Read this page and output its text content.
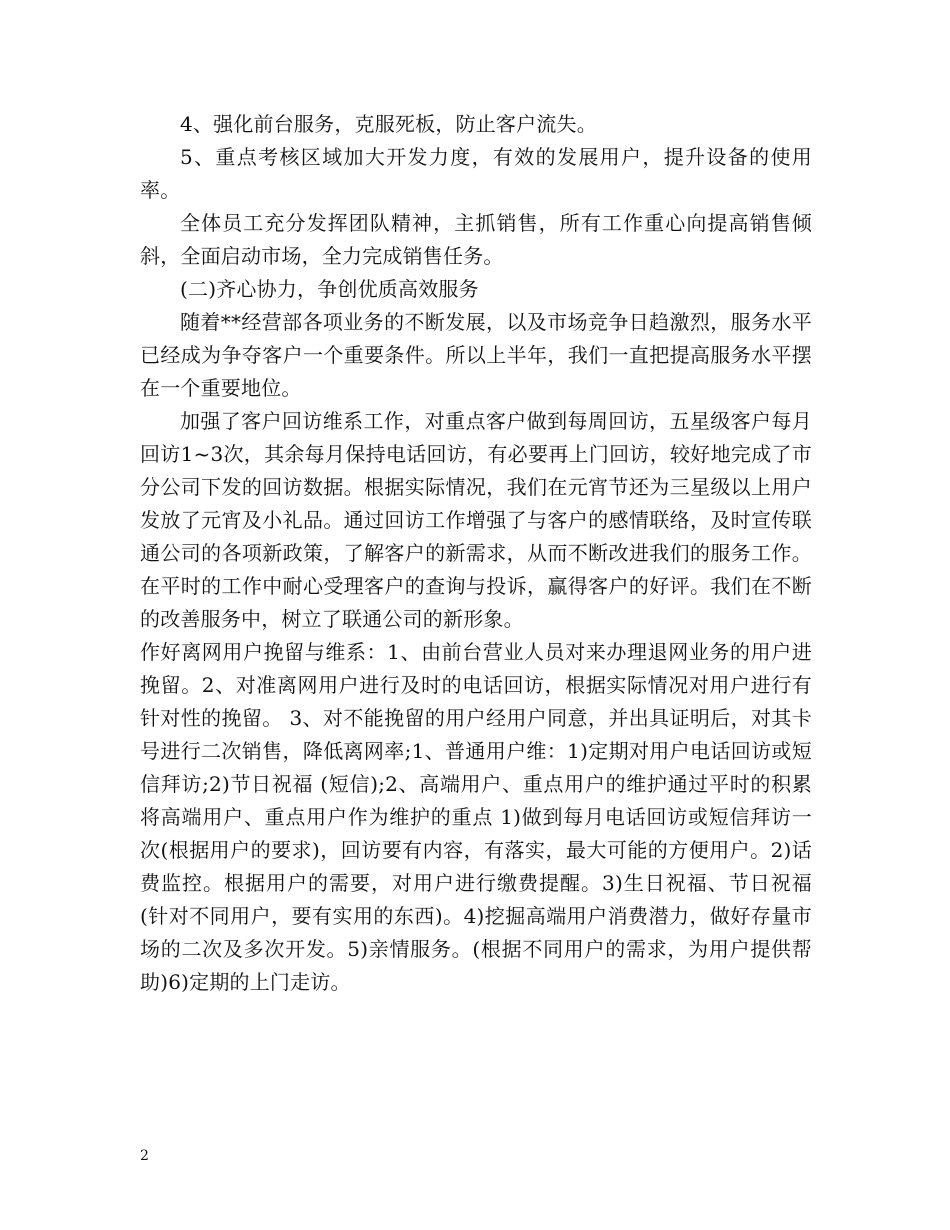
4、强化前台服务，克服死板，防止客户流失。

5、重点考核区域加大开发力度，有效的发展用户，提升设备的使用率。

全体员工充分发挥团队精神，主抓销售，所有工作重心向提高销售倾斜，全面启动市场，全力完成销售任务。

(二)齐心协力，争创优质高效服务

随着**经营部各项业务的不断发展，以及市场竞争日趋激烈，服务水平已经成为争夺客户一个重要条件。所以上半年，我们一直把提高服务水平摆在一个重要地位。

加强了客户回访维系工作，对重点客户做到每周回访，五星级客户每月回访1~3次，其余每月保持电话回访，有必要再上门回访，较好地完成了市分公司下发的回访数据。根据实际情况，我们在元宵节还为三星级以上用户发放了元宵及小礼品。通过回访工作增强了与客户的感情联络，及时宣传联通公司的各项新政策，了解客户的新需求，从而不断改进我们的服务工作。在平时的工作中耐心受理客户的查询与投诉，赢得客户的好评。我们在不断的改善服务中，树立了联通公司的新形象。

作好离网用户挽留与维系：1、由前台营业人员对来办理退网业务的用户进挽留。2、对准离网用户进行及时的电话回访，根据实际情况对用户进行有针对性的挽留。 3、对不能挽留的用户经用户同意，并出具证明后，对其卡号进行二次销售，降低离网率;1、普通用户维：1)定期对用户电话回访或短信拜访;2)节日祝福 (短信);2、高端用户、重点用户的维护通过平时的积累将高端用户、重点用户作为维护的重点 1)做到每月电话回访或短信拜访一次(根据用户的要求)，回访要有内容，有落实，最大可能的方便用户。2)话费监控。根据用户的需要，对用户进行缴费提醒。3)生日祝福、节日祝福(针对不同用户，要有实用的东西)。4)挖掘高端用户消费潜力，做好存量市场的二次及多次开发。5)亲情服务。(根据不同用户的需求，为用户提供帮助)6)定期的上门走访。

2
